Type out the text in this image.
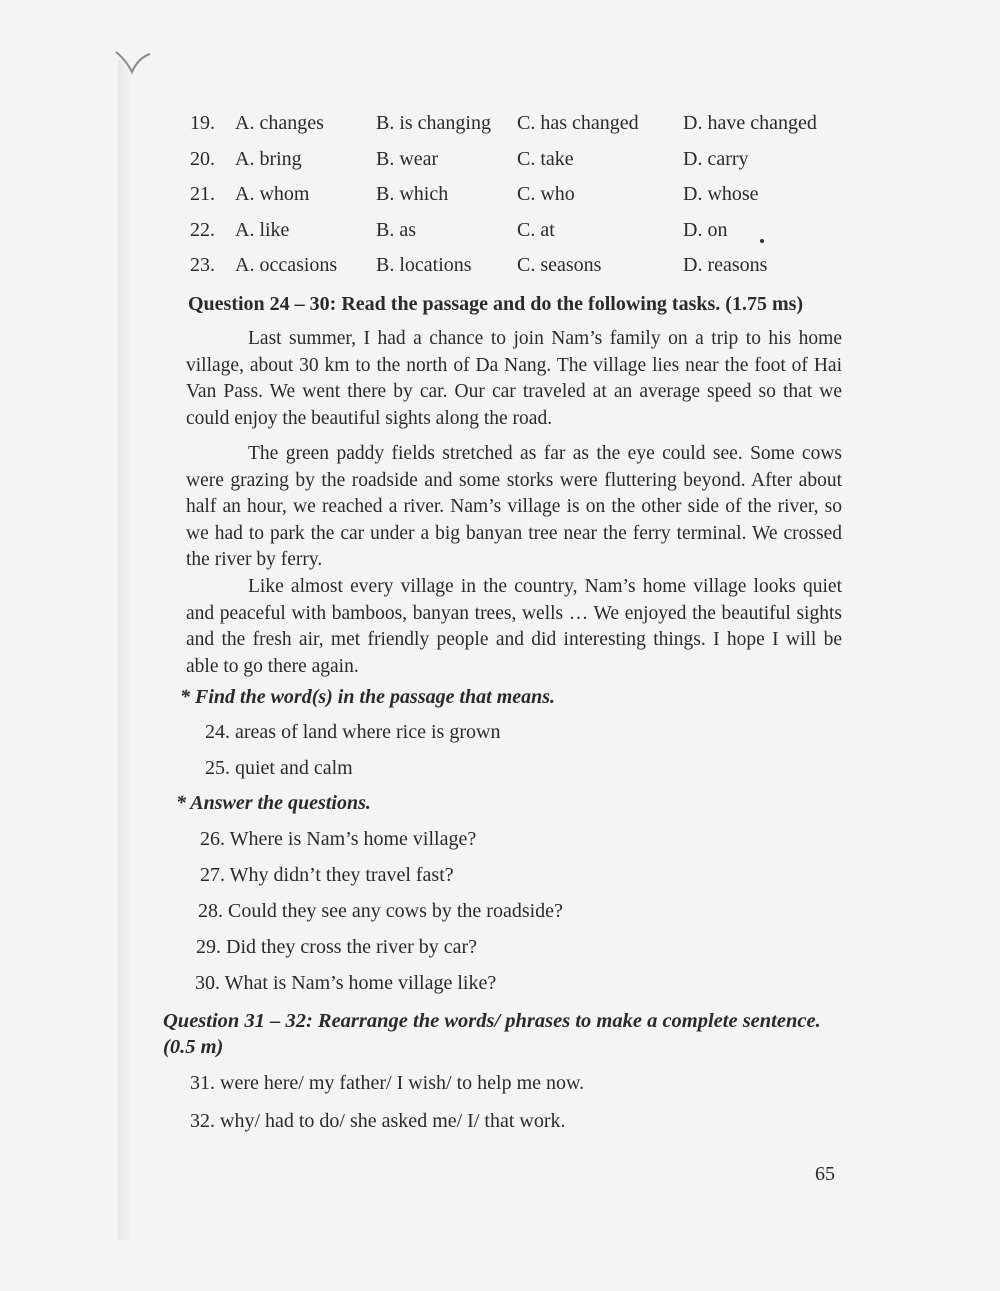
19. A. changes	B. is changing C. has changed D. have changed
20. A. bring	B. wear	C. take	D. carry
21. A. whom	B. which	C. who	D. whose
22. A. like	B. as	C. at	D. on
23. A. occasions B. locations C. seasons	D. reasons
Question 24 – 30: Read the passage and do the following tasks. (1.75 ms)

Last summer, I had a chance to join Nam’s family on a trip to his home village, about 30 km to the north of Da Nang. The village lies near the foot of Hai Van Pass. We went there by car. Our car traveled at an average speed so that we could enjoy the beautiful sights along the road.

The green paddy fields stretched as far as the eye could see. Some cows were grazing by the roadside and some storks were fluttering beyond. After about half an hour, we reached a river. Nam’s village is on the other side of the river, so we had to park the car under a big banyan tree near the ferry terminal. We crossed the river by ferry.

Like almost every village in the country, Nam’s home village looks quiet and peaceful with bamboos, banyan trees, wells … We enjoyed the beautiful sights and the fresh air, met friendly people and did interesting things. I hope I will be able to go there again.

* Find the word(s) in the passage that means.
24. areas of land where rice is grown
25. quiet and calm
* Answer the questions.
26. Where is Nam’s home village?
27. Why didn’t they travel fast?
28. Could they see any cows by the roadside?
29. Did they cross the river by car?
30. What is Nam’s home village like?
Question 31 – 32: Rearrange the words/ phrases to make a complete sentence.
(0.5 m)
31. were here/ my father/ I wish/ to help me now.
32. why/ had to do/ she asked me/ I/ that work.
65
